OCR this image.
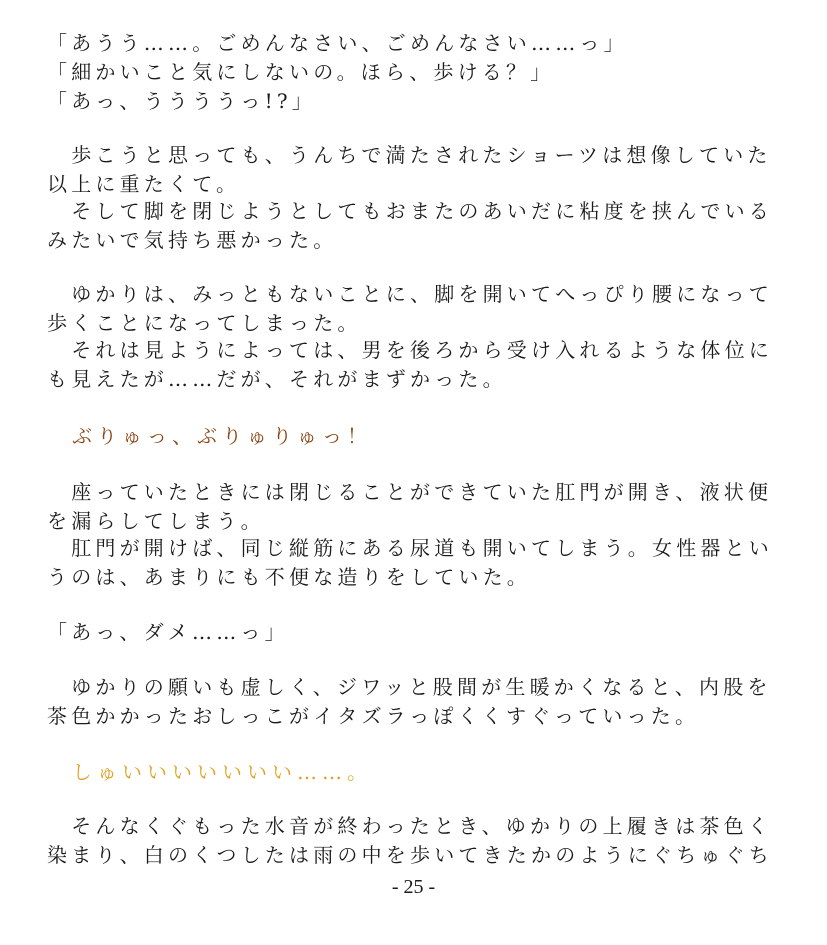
「あうう……。ごめんなさい、ごめんなさい……っ」
「細かいこと気にしないの。ほら、歩ける？」
「あっ、ううううっ!?」
　歩こうと思っても、うんちで満たされたショーツは想像していた
以上に重たくて。
　そして脚を閉じようとしてもおまたのあいだに粘度を挟んでいる
みたいで気持ち悪かった。
　ゆかりは、みっともないことに、脚を開いてへっぴり腰になって
歩くことになってしまった。
　それは見ようによっては、男を後ろから受け入れるような体位に
も見えたが……だが、それがまずかった。
　ぶりゅっ、ぶりゅりゅっ！
　座っていたときには閉じることができていた肛門が開き、液状便
を漏らしてしまう。
　肛門が開けば、同じ縦筋にある尿道も開いてしまう。女性器とい
うのは、あまりにも不便な造りをしていた。
「あっ、ダメ……っ」
　ゆかりの願いも虚しく、ジワッと股間が生暖かくなると、内股を
茶色かかったおしっこがイタズラっぽくくすぐっていった。
　しゅいいいいいいい……。
　そんなくぐもった水音が終わったとき、ゆかりの上履きは茶色く
染まり、白のくつしたは雨の中を歩いてきたかのようにぐちゅぐち
- 25 -
